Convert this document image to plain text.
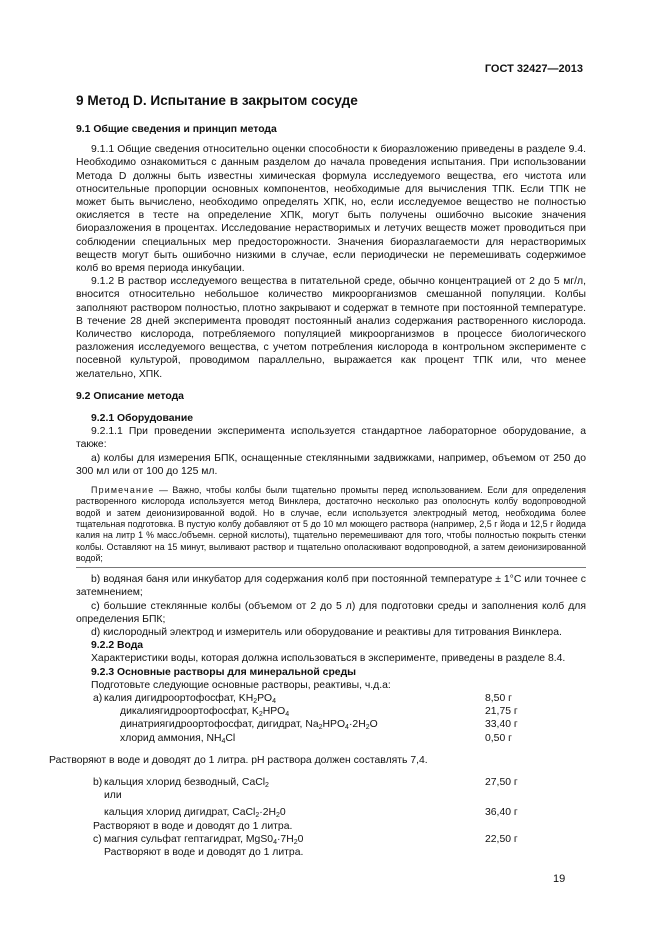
ГОСТ 32427—2013
9 Метод D. Испытание в закрытом сосуде
9.1 Общие сведения и принцип метода

9.1.1 Общие сведения относительно оценки способности к биоразложению приведены в разделе 9.4. Необходимо ознакомиться с данным разделом до начала проведения испытания. При использовании Метода D должны быть известны химическая формула исследуемого вещества, его чистота или относительные пропорции основных компонентов, необходимые для вычисления ТПК. Если ТПК не может быть вычислено, необходимо определять ХПК, но, если исследуемое вещество не полностью окисляется в тесте на определение ХПК, могут быть получены ошибочно высокие значения биоразложения в процентах. Исследование нерастворимых и летучих веществ может проводиться при соблюдении специальных мер предосторожности. Значения биоразлагаемости для нерастворимых веществ могут быть ошибочно низкими в случае, если периодически не перемешивать содержимое колб во время периода инкубации.

9.1.2 В раствор исследуемого вещества в питательной среде, обычно концентрацией от 2 до 5 мг/л, вносится относительно небольшое количество микроорганизмов смешанной популяции. Колбы заполняют раствором полностью, плотно закрывают и содержат в темноте при постоянной температуре. В течение 28 дней эксперимента проводят постоянный анализ содержания растворенного кислорода. Количество кислорода, потребляемого популяцией микроорганизмов в процессе биологического разложения исследуемого вещества, с учетом потребления кислорода в контрольном эксперименте с посевной культурой, проводимом параллельно, выражается как процент ТПК или, что менее желательно, ХПК.

9.2 Описание метода
9.2.1 Оборудование

9.2.1.1 При проведении эксперимента используется стандартное лабораторное оборудование, а также:

а) колбы для измерения БПК, оснащенные стеклянными задвижками, например, объемом от 250 до 300 мл или от 100 до 125 мл.

Примечание — Важно, чтобы колбы были тщательно промыты перед использованием. Если для определения растворенного кислорода используется метод Винклера, достаточно несколько раз ополоснуть колбу водопроводной водой и затем деионизированной водой. Но в случае, если используется электродный метод, необходима более тщательная подготовка. В пустую колбу добавляют от 5 до 10 мл моющего раствора (например, 2,5 г йода и 12,5 г йодида калия на литр 1 % масс./объемн. серной кислоты), тщательно перемешивают для того, чтобы полностью покрыть стенки колбы. Оставляют на 15 минут, выливают раствор и тщательно ополаскивают водопроводной, а затем деионизированной водой;

b) водяная баня или инкубатор для содержания колб при постоянной температуре ± 1°С или точнее с затемнением;

с) большие стеклянные колбы (объемом от 2 до 5 л) для подготовки среды и заполнения колб для определения БПК;

d) кислородный электрод и измеритель или оборудование и реактивы для титрования Винклера.

9.2.2 Вода

Характеристики воды, которая должна использоваться в эксперименте, приведены в разделе 8.4.

9.2.3 Основные растворы для минеральной среды

Подготовьте следующие основные растворы, реактивы, ч.д.а:

а) калия дигидроортофосфат, $KH_2PO_4$	8,50 г
дикалиягидроортофосфат, $K_2HPO_4$	21,75 г
динатриягидроортофосфат, дигидрат, $Na_2HPO_4\cdot 2H_2O$	33,40 г
хлорид аммония, $NH_4Cl$	0,50 г

Растворяют в воде и доводят до 1 литра. pH раствора должен составлять 7,4.

b) кальция хлорид безводный, CaCl$_2$	27,50 г
или
кальция хлорид дигидрат, $CaCl_2\cdot 2H_20$	36,40 г
Растворяют в воде и доводят до 1 литра.
с) магния сульфат гептагидрат, $MgS0_4\cdot 7H_20$	22,50 г
Растворяют в воде и доводят до 1 литра.
19
